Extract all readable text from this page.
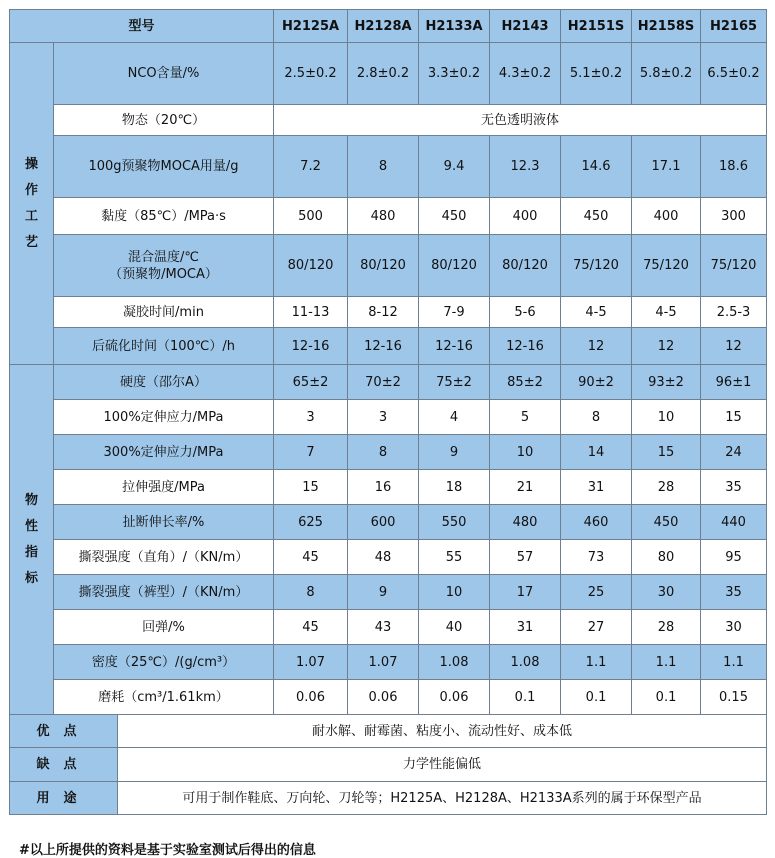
型号			H2125A	H2128A	H2133A	H2143	H2151S	H2158S	H2165
操作工艺	NCO含量/%		2.5±0.2	2.8±0.2	3.3±0.2	4.3±0.2	5.1±0.2	5.8±0.2	6.5±0.2
	物态（20℃）		无色透明液体						
	100g预聚物MOCA用量/g		7.2	8	9.4	12.3	14.6	17.1	18.6
	黏度（85℃）/MPa·s		500	480	450	400	450	400	300
	混合温度/℃
（预聚物/MOCA）		80/120	80/120	80/120	80/120	75/120	75/120	75/120
	凝胶时间/min		11-13	8-12	7-9	5-6	4-5	4-5	2.5-3
	后硫化时间（100℃）/h		12-16	12-16	12-16	12-16	12	12	12
物性指标	硬度（邵尔A）		65±2	70±2	75±2	85±2	90±2	93±2	96±1
	100%定伸应力/MPa		3	3	4	5	8	10	15
	300%定伸应力/MPa		7	8	9	10	14	15	24
	拉伸强度/MPa		15	16	18	21	31	28	35
	扯断伸长率/%		625	600	550	480	460	450	440
	撕裂强度（直角）/（KN/m）		45	48	55	57	73	80	95
	撕裂强度（裤型）/（KN/m）		8	9	10	17	25	30	35
	回弹/%		45	43	40	31	27	28	30
	密度（25℃）/(g/cm³）		1.07	1.07	1.08	1.08	1.1	1.1	1.1
	磨耗（cm³/1.61km）		0.06	0.06	0.06	0.1	0.1	0.1	0.15
优点		耐水解、耐霉菌、粘度小、流动性好、成本低							
缺点		力学性能偏低							
用途		可用于制作鞋底、万向轮、刀轮等；H2125A、H2128A、H2133A系列的属于环保型产品							
#以上所提供的资料是基于实验室测试后得出的信息
